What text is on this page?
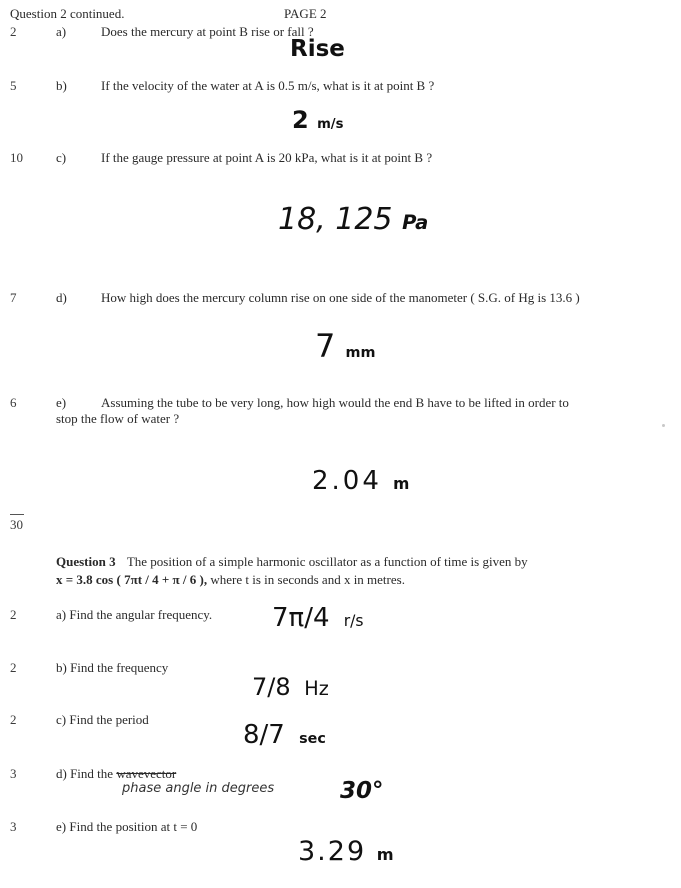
Question 2 continued.	PAGE 2
2	a)	Does the mercury at point B rise or fall ?
Rise
5	b)	If the velocity of the water at A is 0.5 m/s, what is it at point B ?
2 m/s
10	c)	If the gauge pressure at point A is 20 kPa, what is it at point B ?
18, 125 Pa
7	d)	How high does the mercury column rise on one side of the manometer ( S.G. of Hg is 13.6 )
7 mm
6	e)	Assuming the tube to be very long, how high would the end B have to be lifted in order to
stop the flow of water ?
2.04 m
30
Question 3 The position of a simple harmonic oscillator as a function of time is given by
x = 3.8 cos ( 7πt / 4 + π / 6 ), where t is in seconds and x in metres.
2	a) Find the angular frequency. 7π/4 r/s
2	b) Find the frequency
7/8 Hz
2	c) Find the period
8/7 sec
3	d) Find the wavevector
phase angle in degrees	30°
3	e) Find the position at t = 0
3.29 m
